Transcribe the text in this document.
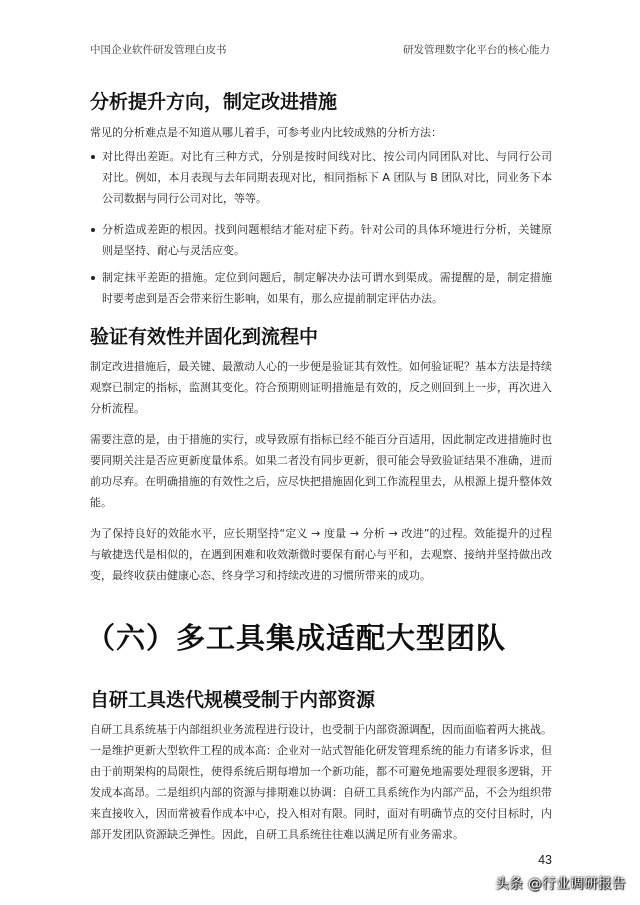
中国企业软件研发管理白皮书	研发管理数字化平台的核心能力
分析提升方向，制定改进措施

常见的分析难点是不知道从哪儿着手，可参考业内比较成熟的分析方法：

对比得出差距。对比有三种方式，分别是按时间线对比、按公司内同团队对比、与同行公司对比。例如，本月表现与去年同期表现对比，相同指标下 A 团队与 B 团队对比，同业务下本公司数据与同行公司对比，等等。
分析造成差距的根因。找到问题根结才能对症下药。针对公司的具体环境进行分析，关键原则是坚持、耐心与灵活应变。
制定抹平差距的措施。定位到问题后，制定解决办法可谓水到渠成。需提醒的是，制定措施时要考虑到是否会带来衍生影响，如果有，那么应提前制定评估办法。
验证有效性并固化到流程中

制定改进措施后，最关键、最激动人心的一步便是验证其有效性。如何验证呢？基本方法是持续观察已制定的指标，监测其变化。符合预期则证明措施是有效的，反之则回到上一步，再次进入分析流程。

需要注意的是，由于措施的实行，或导致原有指标已经不能百分百适用，因此制定改进措施时也要同期关注是否应更新度量体系。如果二者没有同步更新，很可能会导致验证结果不准确，进而前功尽弃。在明确措施的有效性之后，应尽快把措施固化到工作流程里去，从根源上提升整体效能。

为了保持良好的效能水平，应长期坚持“定义 → 度量 → 分析 → 改进”的过程。效能提升的过程与敏捷迭代是相似的，在遇到困难和收效渐微时要保有耐心与平和，去观察、接纳并坚持做出改变，最终收获由健康心态、终身学习和持续改进的习惯所带来的成功。

（六）多工具集成适配大型团队
自研工具迭代规模受制于内部资源

自研工具系统基于内部组织业务流程进行设计，也受制于内部资源调配，因而面临着两大挑战。一是维护更新大型软件工程的成本高：企业对一站式智能化研发管理系统的能力有诸多诉求，但由于前期架构的局限性，使得系统后期每增加一个新功能，都不可避免地需要处理很多逻辑，开发成本高昂。二是组织内部的资源与排期难以协调：自研工具系统作为内部产品，不会为组织带来直接收入，因而常被看作成本中心，投入相对有限。同时，面对有明确节点的交付目标时，内部开发团队资源缺乏弹性。因此，自研工具系统往往难以满足所有业务需求。

43
头条 @行业调研报告
